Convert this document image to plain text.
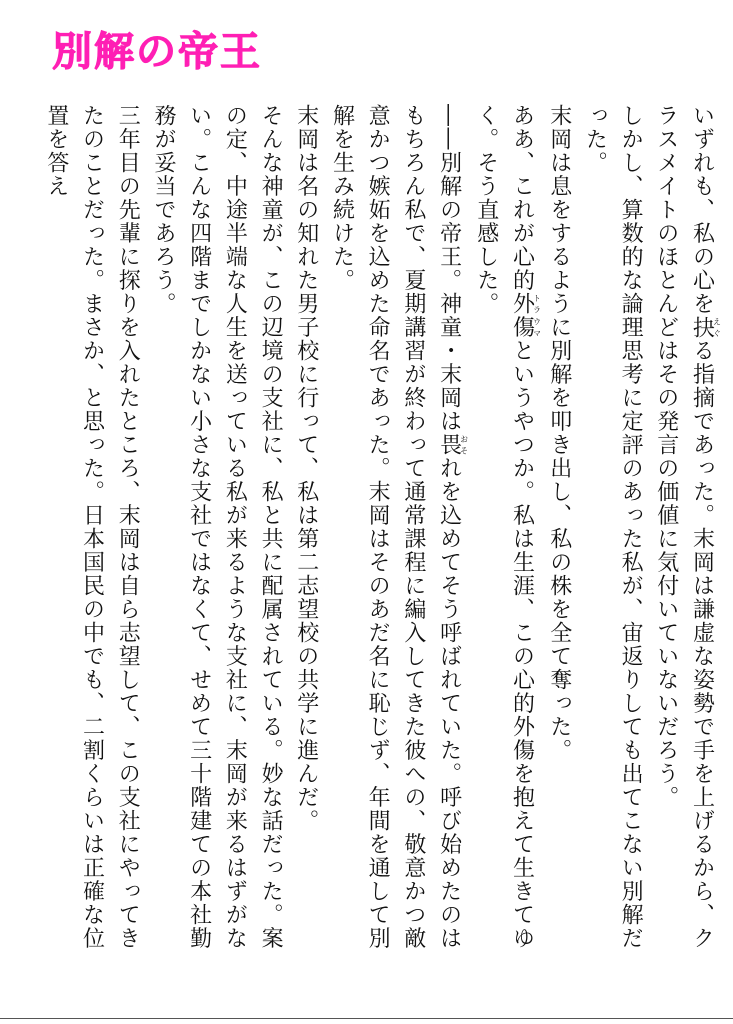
別解の帝王

いずれも、私の心を抉えぐる指摘であった。末岡は謙虚な姿勢で手を上げるから、クラスメイトのほとんどはその発言の価値に気付いていないだろう。

しかし、算数的な論理思考に定評のあった私が、宙返りしても出てこない別解だった。

末岡は息をするように別解を叩き出し、私の株を全て奪った。

ああ、これが心的外傷トラウマというやつか。私は生涯、この心的外傷を抱えて生きてゆく。そう直感した。

――別解の帝王。神童・末岡は畏おそれを込めてそう呼ばれていた。呼び始めたのはもちろん私で、夏期講習が終わって通常課程に編入してきた彼への、敬意かつ敵意かつ嫉妬を込めた命名であった。末岡はそのあだ名に恥じず、年間を通して別解を生み続けた。

末岡は名の知れた男子校に行って、私は第二志望校の共学に進んだ。

そんな神童が、この辺境の支社に、私と共に配属されている。妙な話だった。案の定、中途半端な人生を送っている私が来るような支社に、末岡が来るはずがない。こんな四階までしかない小さな支社ではなくて、せめて三十階建ての本社勤務が妥当であろう。

三年目の先輩に探りを入れたところ、末岡は自ら志望して、この支社にやってきたのことだった。まさか、と思った。日本国民の中でも、二割くらいは正確な位置を答え
